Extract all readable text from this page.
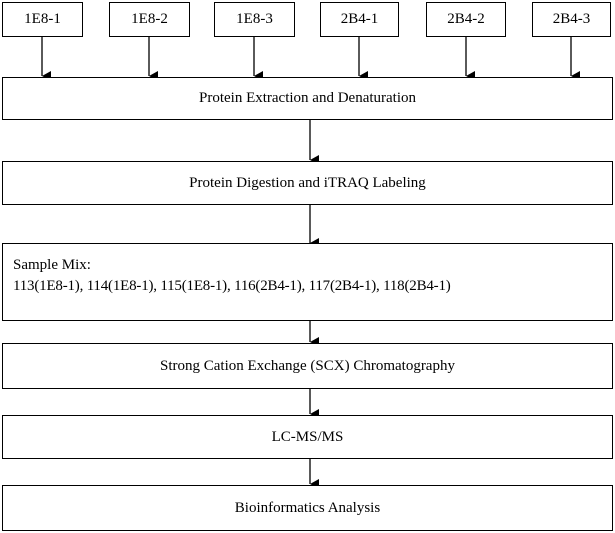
1E8-1	1E8-2	1E8-3	2B4-1	2B4-2	2B4-3
Protein Extraction and Denaturation
Protein Digestion and iTRAQ Labeling
Sample Mix:
113(1E8-1), 114(1E8-1), 115(1E8-1), 116(2B4-1), 117(2B4-1), 118(2B4-1)
Strong Cation Exchange (SCX) Chromatography
LC-MS/MS
Bioinformatics Analysis
